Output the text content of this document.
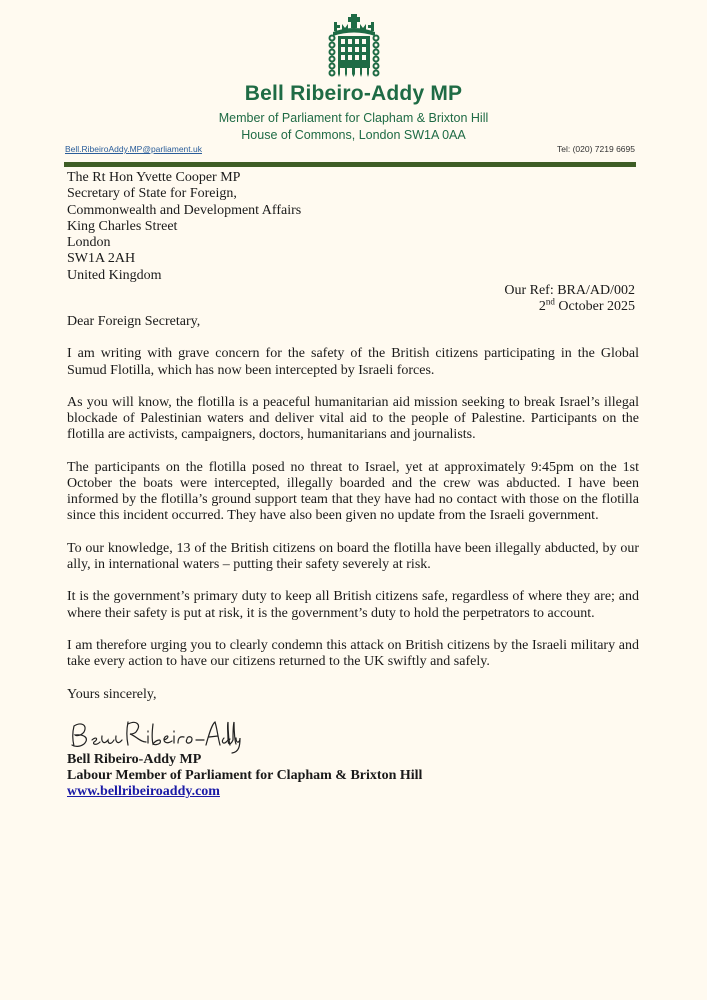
Bell Ribeiro-Addy MP
Member of Parliament for Clapham & Brixton Hill
House of Commons, London SW1A 0AA
Bell.RibeiroAddy.MP@parliament.uk	Tel: (020) 7219 6695
The Rt Hon Yvette Cooper MP
Secretary of State for Foreign,
Commonwealth and Development Affairs
King Charles Street
London
SW1A 2AH
United Kingdom
Our Ref: BRA/AD/002
2nd October 2025

Dear Foreign Secretary,

I am writing with grave concern for the safety of the British citizens participating in the Global Sumud Flotilla, which has now been intercepted by Israeli forces.

As you will know, the flotilla is a peaceful humanitarian aid mission seeking to break Israel’s illegal blockade of Palestinian waters and deliver vital aid to the people of Palestine. Participants on the flotilla are activists, campaigners, doctors, humanitarians and journalists.

The participants on the flotilla posed no threat to Israel, yet at approximately 9:45pm on the 1st October the boats were intercepted, illegally boarded and the crew was abducted. I have been informed by the flotilla’s ground support team that they have had no contact with those on the flotilla since this incident occurred. They have also been given no update from the Israeli government.

To our knowledge, 13 of the British citizens on board the flotilla have been illegally abducted, by our ally, in international waters – putting their safety severely at risk.

It is the government’s primary duty to keep all British citizens safe, regardless of where they are; and where their safety is put at risk, it is the government’s duty to hold the perpetrators to account.

I am therefore urging you to clearly condemn this attack on British citizens by the Israeli military and take every action to have our citizens returned to the UK swiftly and safely.

Yours sincerely,
Bell Ribeiro-Addy MP
Labour Member of Parliament for Clapham & Brixton Hill
www.bellribeiroaddy.com
